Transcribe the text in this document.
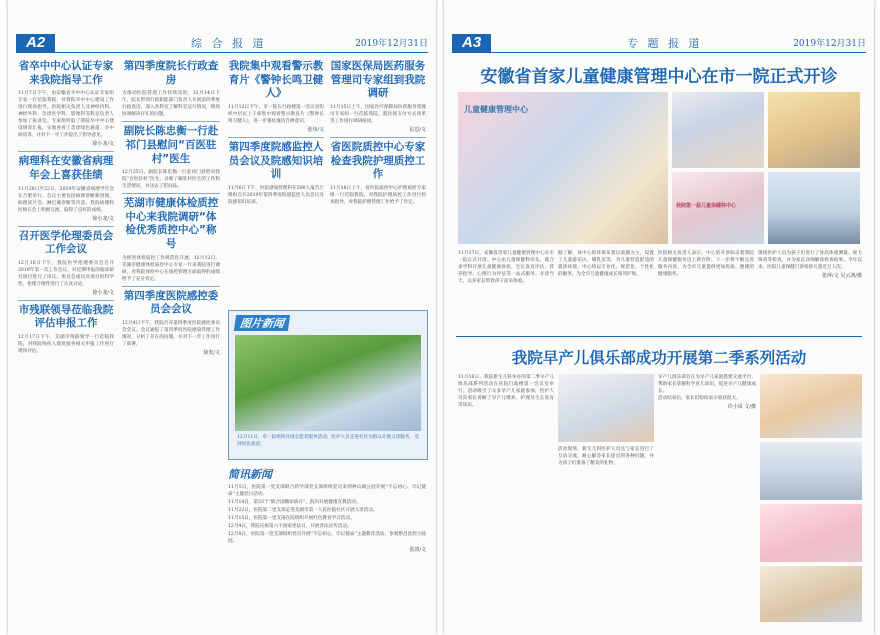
A2	综 合 报 道	2019年12月31日

省卒中中心认证专家来我院指导工作

11月7日下午，由安徽省卒中中心认证专家组专家一行莅临我院，对我院卒中中心建设工作进行现场指导。医院相关负责人及神经内科、神经外科、急诊医学科、影像科等科室负责人参加了座谈会。专家组听取了我院卒中中心建设情况汇报，实地查看了急诊绿色通道、卒中病房等，并对下一步工作提出了指导意见。

徐小龙/文

病理科在安徽省病理年会上喜获佳绩

11月20日至22日，2019年安徽省病理学年会在合肥举行。会议主要包括病理诊断新进展、病理读片会、淋巴瘤诊断等内容。我院病理科医师在会上积极交流，取得了良好的成绩。

徐小龙/文

召开医学伦理委员会工作会议

12月16日下午，我院医学伦理委员会召开2019年第一次工作会议，对近期申报的临床研究项目进行了审议。委员会成员对项目的科学性、伦理合理性进行了认真讨论。

徐小龙/文

市残联领导莅临我院评估申报工作

12月17日下午，芜湖市残联领导一行莅临我院，对我院残疾人康复服务相关申报工作进行现场评估。

第四季度院长行政查房

为推动医院管理工作持续改进，12月14日下午，院长带领行政职能部门负责人开展第四季度行政查房，深入各科室了解科室运行情况，现场协调解决存在的问题。

副院长陈忠衡一行赴祁门县慰问“百医驻村”医生

12月25日，副院长陈忠衡一行赴祁门县慰问我院“百医驻村”医生，详细了解驻村医生的工作和生活情况，并送去了慰问品。

芜湖市健康体检质控中心来我院调研“体检优秀质控中心”称号

为推进体检质控工作规范化开展，12月12日，芜湖市健康体检质控中心专家一行来我院进行调研，对我院体检中心在质控管理方面取得的成绩给予了充分肯定。

第四季度医院感控委员会会议

12月4日下午，我院召开第四季度医院感控委员会会议。会议通报了第四季度医院感染管理工作情况，分析了存在的问题，并对下一步工作进行了部署。

徐发/文

我院集中观看警示教育片《警钟长鸣卫健人》

11月12日下午，市一院在行政楼第一会议室组织中层以上干部集中观看警示教育片《警钟长鸣卫健人》，进一步强化廉洁自律意识。

张伟/文

第四季度院感监控人员会议及院感知识培训

11月6日下午，医院感染管理科在500人报告厅组织召开2019年第四季度院感监控人员会议及院感知识培训。

国家医保局医药服务管理司专家组到我院调研

11月15日上午，国家医疗保障局医药服务管理司专家组一行莅临我院，就医保支付方式改革等工作进行调研座谈。

信息/文

省医院质控中心专家检查我院护理质控工作

11月18日上午，省医院质控中心护理质控专家组一行莅临我院，对我院护理质控工作进行检查指导，对我院护理管理工作给予了肯定。

图片新闻
12月11日，市一院组织开展志愿者服务活动，医护人员走进社区为群众开展义诊服务，受到居民欢迎。
简讯新闻

11月5日，医院第一党支部联合药学部党支部组织党员来到神山湖公园开展“不忘初心、牢记使命”主题党日活动。

11月14日，第33个“联合国糖尿病日”，院内开展健康宣教活动。

11月22日，医院第二党支部走进芜湖市第一人民医院社区开展义诊活动。

11月15日，医院第一党支部在院组织开展红色教育学习活动。

12月4日，我院庆祝第六个国家宪法日，开展普法宣传活动。

12月8日，医院第一党支部组织党员开展“不忘初心，牢记使命”主题教育活动，参观繁昌县烈士陵园。

张清/文

A3	专 题 报 道	2019年12月31日
安徽省首家儿童健康管理中心在市一院正式开诊
儿童健康管理中心
我院第一届儿童保健科中心

11月17日，安徽省首家儿童健康管理中心在市一院正式开诊。中心由儿童保健科牵头，联合多学科开展儿童健康体检、生长发育评估、营养指导、心理行为评估等一站式服务。开诊当天，众多家长带着孩子前来体验。

据了解，该中心的环境布置以童趣为主，设置了儿童游乐区、哺乳室等，为儿童营造舒适的就诊环境。中心将以专业化、规范化、个性化的服务，为全市儿童健康成长保驾护航。

医院相关负责人表示，中心的开诊标志着我院儿童保健服务迈上新台阶。下一步将不断完善服务内容，为全市儿童提供更加优质、便捷的健康服务。

现场医护人员为孩子们进行了身高体重测量、视力筛查等检查，并为家长详细解读检查结果。今年以来，医院儿童保健门诊接诊儿童近万人次。

张萍/文 吴云鸿/摄

我院早产儿俱乐部成功开展第二季系列活动

11月16日，我院新生儿科举办的第二季早产儿俱乐部系列活动在医院行政楼第一会议室举行。活动吸引了众多早产儿家庭参加，医护人员向家长讲解了早产儿喂养、护理及生长发育等知识。

活动现场，新生儿科医护人员还与家长进行了互动交流，耐心解答家长提出的各种问题，并为孩子们准备了精美的礼物。

早产儿俱乐部旨在为早产儿家庭搭建交流平台，帮助家长掌握科学育儿知识，促进早产儿健康成长。

活动结束后，家长们纷纷表示收获很大。

许小凤 文/摄
